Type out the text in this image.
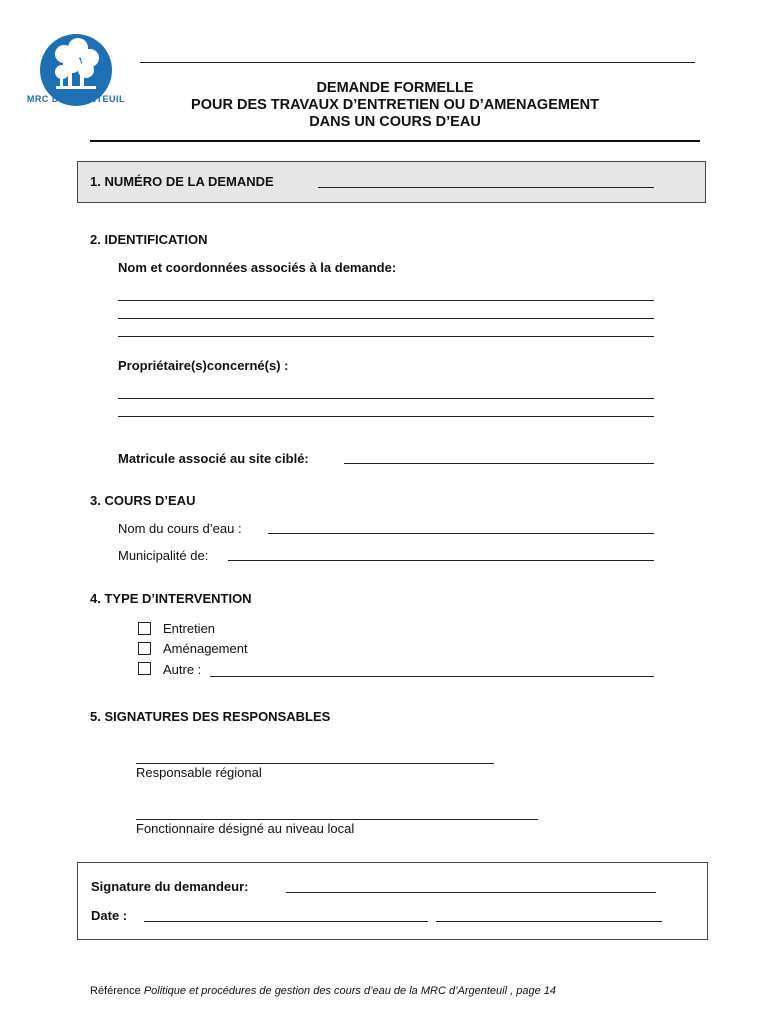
MRC D'ARGENTEUIL
DEMANDE FORMELLE
POUR DES TRAVAUX D’ENTRETIEN OU D’AMENAGEMENT
DANS UN COURS D’EAU
1. NUMÉRO DE LA DEMANDE
2. IDENTIFICATION
Nom et coordonnées associés à la demande:
Propriétaire(s)concerné(s) :
Matricule associé au site ciblé:
3. COURS D’EAU
Nom du cours d’eau :
Municipalité de:
4. TYPE D’INTERVENTION
Entretien
Aménagement
Autre :
5. SIGNATURES DES RESPONSABLES
Responsable régional
Fonctionnaire désigné au niveau local
Signature du demandeur:
Date :
Référence Politique et procédures de gestion des cours d’eau de la MRC d’Argenteuil , page 14
